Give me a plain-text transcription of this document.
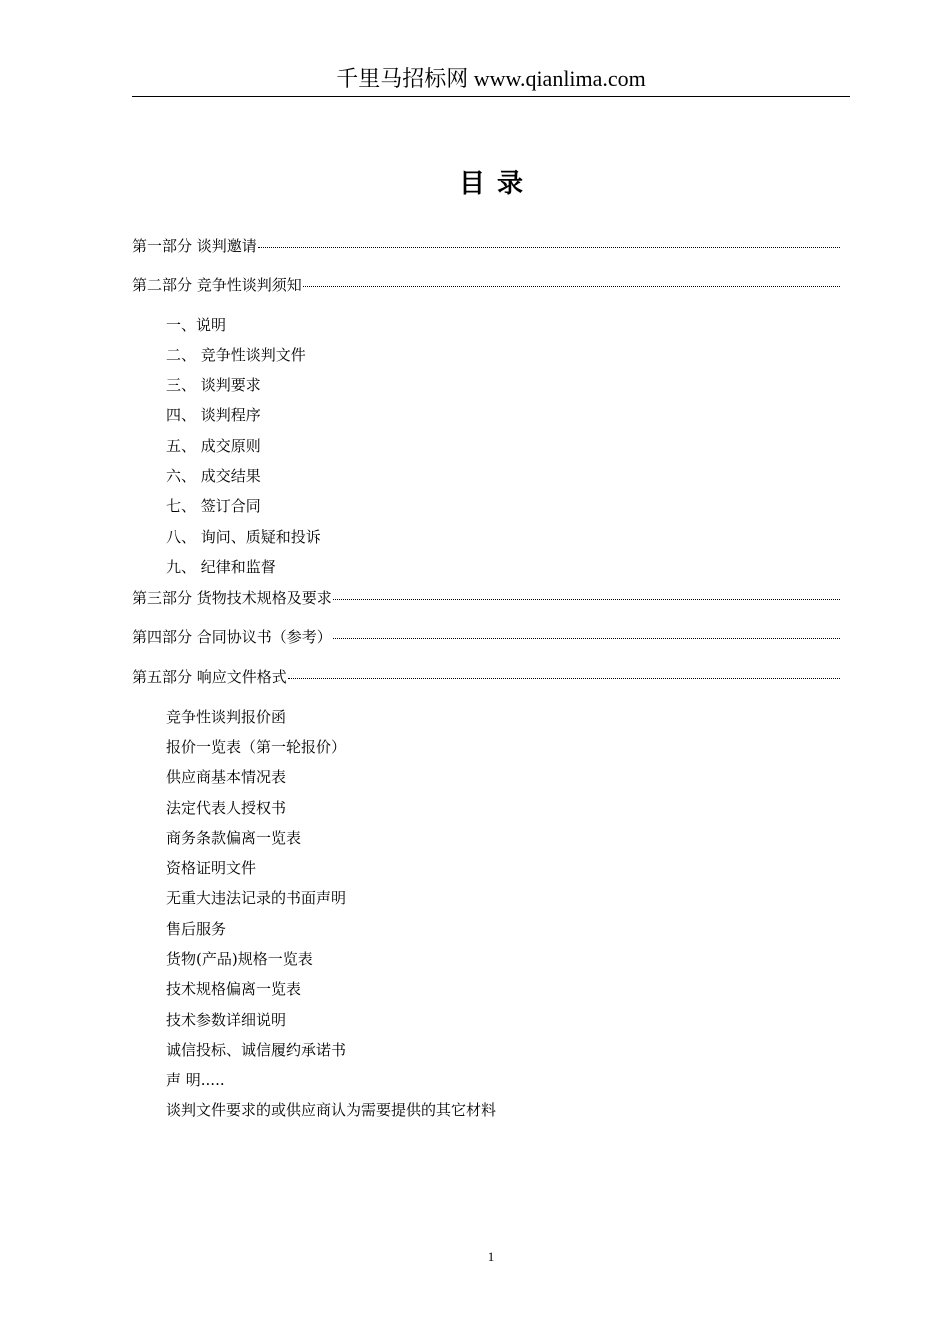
千里马招标网 www.qianlima.com
目录
第一部分 谈判邀请
第二部分 竞争性谈判须知
一、说明
二、 竞争性谈判文件
三、 谈判要求
四、 谈判程序
五、 成交原则
六、 成交结果
七、 签订合同
八、 询问、质疑和投诉
九、 纪律和监督
第三部分 货物技术规格及要求
第四部分 合同协议书（参考）
第五部分 响应文件格式
竞争性谈判报价函
报价一览表（第一轮报价）
供应商基本情况表
法定代表人授权书
商务条款偏离一览表
资格证明文件
无重大违法记录的书面声明
售后服务
货物(产品)规格一览表
技术规格偏离一览表
技术参数详细说明
诚信投标、诚信履约承诺书
声 明.....
谈判文件要求的或供应商认为需要提供的其它材料
1
